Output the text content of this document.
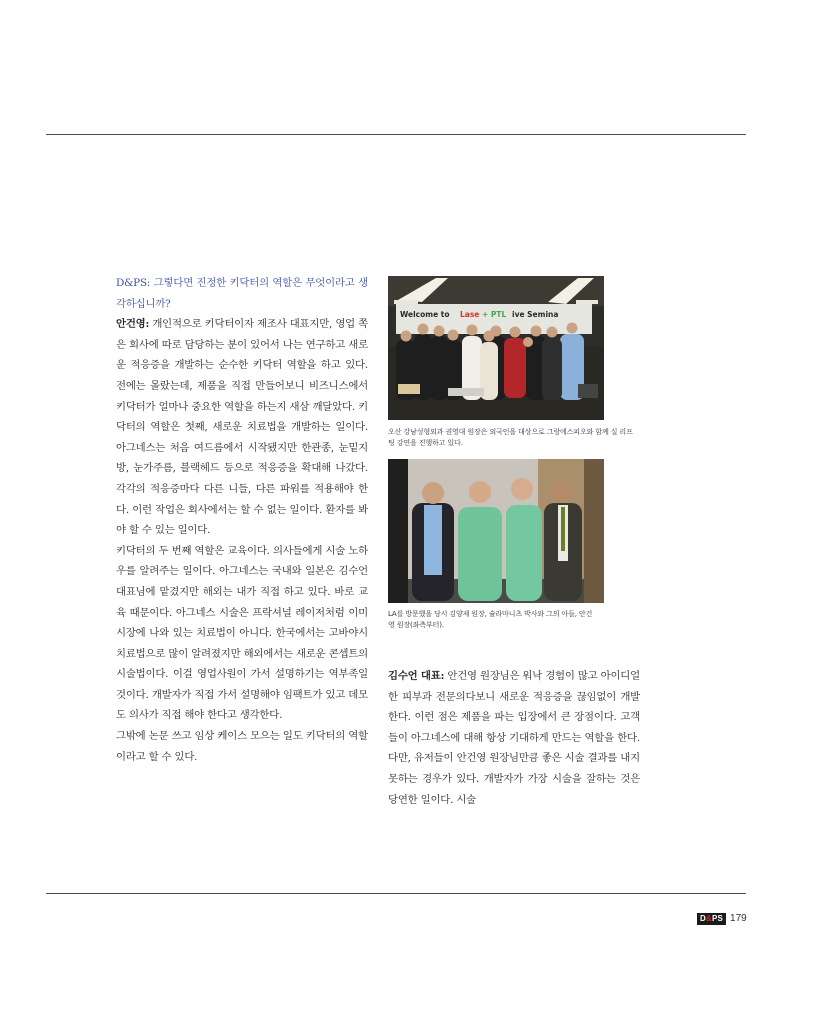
D&PS: 그렇다면 진정한 키닥터의 역할은 무엇이라고 생각하십니까?

안건영: 개인적으로 키닥터이자 제조사 대표지만, 영업 쪽은 회사에 따로 담당하는 분이 있어서 나는 연구하고 새로운 적응증을 개발하는 순수한 키닥터 역할을 하고 있다. 전에는 몰랐는데, 제품을 직접 만들어보니 비즈니스에서 키닥터가 얼마나 중요한 역할을 하는지 새삼 깨달았다. 키닥터의 역할은 첫째, 새로운 치료법을 개발하는 일이다. 아그네스는 처음 여드름에서 시작됐지만 한관종, 눈밑지방, 눈가주름, 블랙헤드 등으로 적응증을 확대해 나갔다. 각각의 적응증마다 다른 니들, 다른 파워를 적용해야 한다. 이런 작업은 회사에서는 할 수 없는 일이다. 환자를 봐야 할 수 있는 일이다.

키닥터의 두 번째 역할은 교육이다. 의사들에게 시술 노하우를 알려주는 일이다. 아그네스는 국내와 일본은 김수언 대표님에 맡겼지만 해외는 내가 직접 하고 있다. 바로 교육 때문이다. 아그네스 시술은 프락셔널 레이저처럼 이미 시장에 나와 있는 치료법이 아니다. 한국에서는 고바야시 치료법으로 많이 알려졌지만 해외에서는 새로운 콘셉트의 시술법이다. 이걸 영업사원이 가서 설명하기는 역부족일 것이다. 개발자가 직접 가서 설명해야 임팩트가 있고 데모도 의사가 직접 해야 한다고 생각한다.

그밖에 논문 쓰고 임상 케이스 모으는 일도 키닥터의 역할이라고 할 수 있다.

Welcome to Lase + PTL ive Semina
오산 강남성형외과 권영대 원장은 외국인을 대상으로 그랑에스피오와 함께 실 리프팅 강연을 진행하고 있다.
LA를 방문했을 당시 김양제 원장, 슐라마니츠 박사와 그의 아들, 안건영 원장(좌측부터).

김수언 대표: 안건영 원장님은 워낙 경험이 많고 아이디얼한 피부과 전문의다보니 새로운 적응증을 끊임없이 개발한다. 이런 점은 제품을 파는 입장에서 큰 장점이다. 고객들이 아그네스에 대해 항상 기대하게 만드는 역할을 한다. 다만, 유저들이 안건영 원장님만큼 좋은 시술 결과를 내지 못하는 경우가 있다. 개발자가 가장 시술을 잘하는 것은 당연한 일이다. 시술

D&PS 179
